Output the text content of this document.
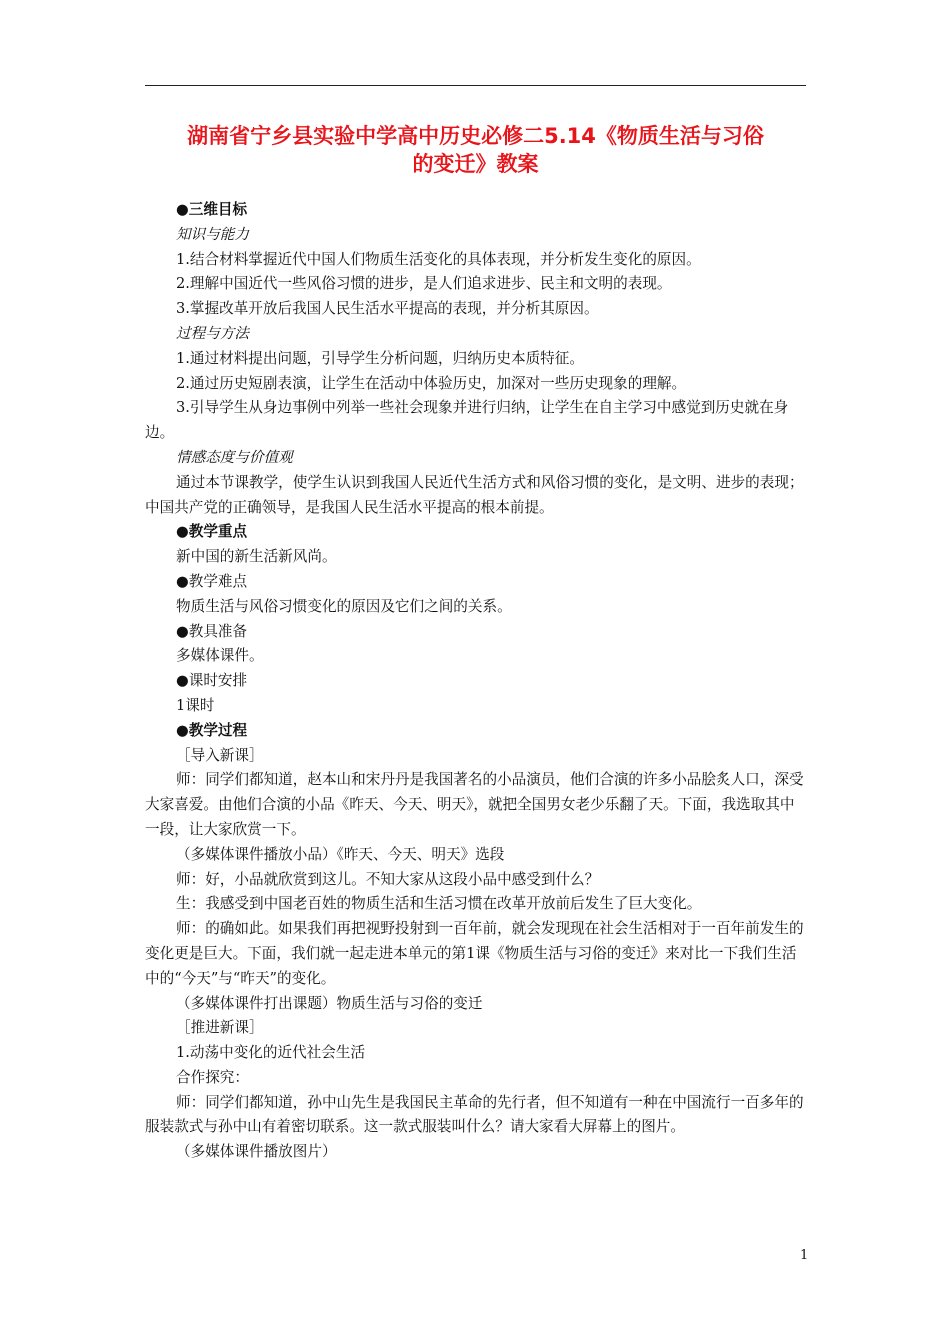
湖南省宁乡县实验中学高中历史必修二5.14《物质生活与习俗
的变迁》教案

●三维目标

知识与能力

1.结合材料掌握近代中国人们物质生活变化的具体表现，并分析发生变化的原因。

2.理解中国近代一些风俗习惯的进步，是人们追求进步、民主和文明的表现。

3.掌握改革开放后我国人民生活水平提高的表现，并分析其原因。

过程与方法

1.通过材料提出问题，引导学生分析问题，归纳历史本质特征。

2.通过历史短剧表演，让学生在活动中体验历史，加深对一些历史现象的理解。

3.引导学生从身边事例中列举一些社会现象并进行归纳，让学生在自主学习中感觉到历史就在身边。

情感态度与价值观

通过本节课教学，使学生认识到我国人民近代生活方式和风俗习惯的变化，是文明、进步的表现；中国共产党的正确领导，是我国人民生活水平提高的根本前提。

●教学重点

新中国的新生活新风尚。

●教学难点

物质生活与风俗习惯变化的原因及它们之间的关系。

●教具准备

多媒体课件。

●课时安排

1课时

●教学过程

［导入新课］

师：同学们都知道，赵本山和宋丹丹是我国著名的小品演员，他们合演的许多小品脍炙人口，深受大家喜爱。由他们合演的小品《昨天、今天、明天》，就把全国男女老少乐翻了天。下面，我选取其中一段，让大家欣赏一下。

（多媒体课件播放小品）《昨天、今天、明天》选段

师：好，小品就欣赏到这儿。不知大家从这段小品中感受到什么？

生：我感受到中国老百姓的物质生活和生活习惯在改革开放前后发生了巨大变化。

师：的确如此。如果我们再把视野投射到一百年前，就会发现现在社会生活相对于一百年前发生的变化更是巨大。下面，我们就一起走进本单元的第1课《物质生活与习俗的变迁》来对比一下我们生活中的“今天”与“昨天”的变化。

（多媒体课件打出课题）物质生活与习俗的变迁

［推进新课］

1.动荡中变化的近代社会生活

合作探究：

师：同学们都知道，孙中山先生是我国民主革命的先行者，但不知道有一种在中国流行一百多年的服装款式与孙中山有着密切联系。这一款式服装叫什么？请大家看大屏幕上的图片。

（多媒体课件播放图片）

1
